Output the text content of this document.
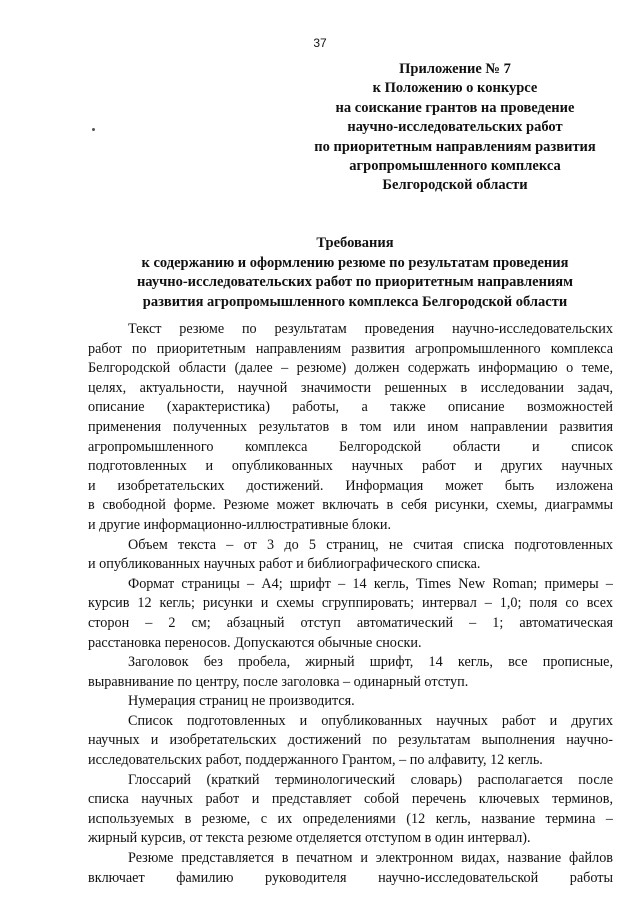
37
Приложение № 7
к Положению о конкурсе
на соискание грантов на проведение
научно-исследовательских работ
по приоритетным направлениям развития
агропромышленного комплекса
Белгородской области
Требования
к содержанию и оформлению резюме по результатам проведения
научно-исследовательских работ по приоритетным направлениям
развития агропромышленного комплекса Белгородской области

Текст резюме по результатам проведения научно-исследовательских
работ по приоритетным направлениям развития агропромышленного комплекса
Белгородской области (далее – резюме) должен содержать информацию о теме,
целях, актуальности, научной значимости решенных в исследовании задач,
описание (характеристика) работы, а также описание возможностей
применения полученных результатов в том или ином направлении развития
агропромышленного комплекса Белгородской области и список
подготовленных и опубликованных научных работ и других научных
и изобретательских достижений. Информация может быть изложена
в свободной форме. Резюме может включать в себя рисунки, схемы, диаграммы
и другие информационно-иллюстративные блоки.

Объем текста – от 3 до 5 страниц, не считая списка подготовленных
и опубликованных научных работ и библиографического списка.

Формат страницы – А4; шрифт – 14 кегль, Times New Roman; примеры –
курсив 12 кегль; рисунки и схемы сгруппировать; интервал – 1,0; поля со всех
сторон – 2 см; абзацный отступ автоматический – 1; автоматическая
расстановка переносов. Допускаются обычные сноски.

Заголовок без пробела, жирный шрифт, 14 кегль, все прописные,
выравнивание по центру, после заголовка – одинарный отступ.

Нумерация страниц не производится.

Список подготовленных и опубликованных научных работ и других
научных и изобретательских достижений по результатам выполнения научно-
исследовательских работ, поддержанного Грантом, – по алфавиту, 12 кегль.

Глоссарий (краткий терминологический словарь) располагается после
списка научных работ и представляет собой перечень ключевых терминов,
используемых в резюме, с их определениями (12 кегль, название термина –
жирный курсив, от текста резюме отделяется отступом в один интервал).

Резюме представляется в печатном и электронном видах, название файлов
включает фамилию руководителя научно-исследовательской работы
